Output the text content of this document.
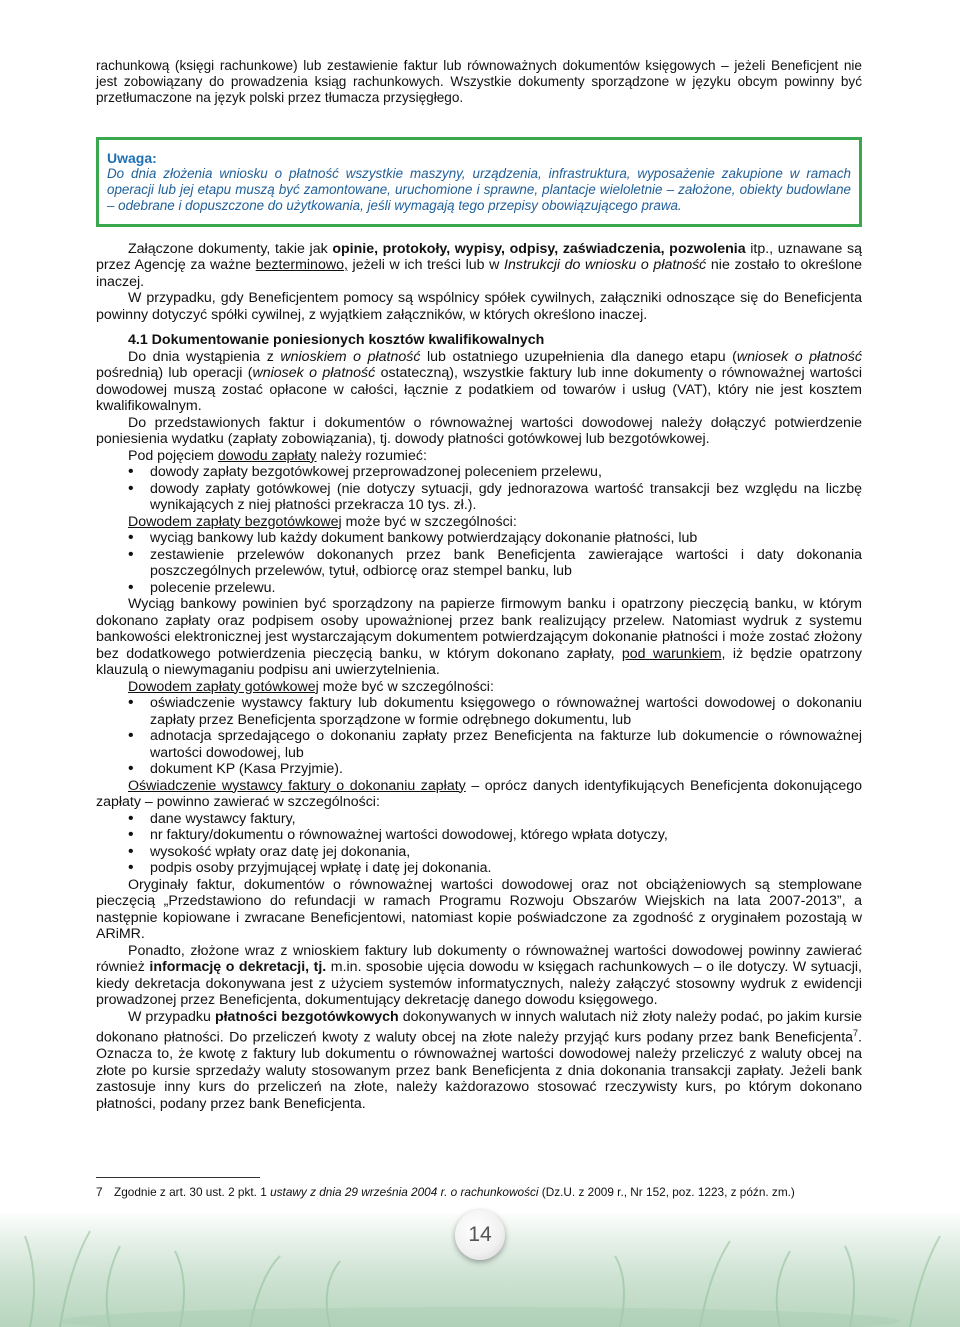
rachunkową (księgi rachunkowe) lub zestawienie faktur lub równoważnych dokumentów księgowych – jeżeli Beneficjent nie jest zobowiązany do prowadzenia ksiąg rachunkowych. Wszystkie dokumenty sporządzone w języku obcym powinny być przetłumaczone na język polski przez tłumacza przysięgłego.

Uwaga:
Do dnia złożenia wniosku o płatność wszystkie maszyny, urządzenia, infrastruktura, wyposażenie zakupione w ramach operacji lub jej etapu muszą być zamontowane, uruchomione i sprawne, plantacje wieloletnie – założone, obiekty budowlane – odebrane i dopuszczone do użytkowania, jeśli wymagają tego przepisy obowiązującego prawa.

Załączone dokumenty, takie jak opinie, protokoły, wypisy, odpisy, zaświadczenia, pozwolenia itp., uznawane są przez Agencję za ważne bezterminowo, jeżeli w ich treści lub w Instrukcji do wniosku o płatność nie zostało to określone inaczej.

W przypadku, gdy Beneficjentem pomocy są wspólnicy spółek cywilnych, załączniki odnoszące się do Beneficjenta powinny dotyczyć spółki cywilnej, z wyjątkiem załączników, w których określono inaczej.

4.1 Dokumentowanie poniesionych kosztów kwalifikowalnych

Do dnia wystąpienia z wnioskiem o płatność lub ostatniego uzupełnienia dla danego etapu (wniosek o płatność pośrednią) lub operacji (wniosek o płatność ostateczną), wszystkie faktury lub inne dokumenty o równoważnej wartości dowodowej muszą zostać opłacone w całości, łącznie z podatkiem od towarów i usług (VAT), który nie jest kosztem kwalifikowalnym.

Do przedstawionych faktur i dokumentów o równoważnej wartości dowodowej należy dołączyć potwierdzenie poniesienia wydatku (zapłaty zobowiązania), tj. dowody płatności gotówkowej lub bezgotówkowej.

Pod pojęciem dowodu zapłaty należy rozumieć:

• dowody zapłaty bezgotówkowej przeprowadzonej poleceniem przelewu,
• dowody zapłaty gotówkowej (nie dotyczy sytuacji, gdy jednorazowa wartość transakcji bez względu na liczbę wynikających z niej płatności przekracza 10 tys. zł.).

Dowodem zapłaty bezgotówkowej może być w szczególności:

• wyciąg bankowy lub każdy dokument bankowy potwierdzający dokonanie płatności, lub
• zestawienie przelewów dokonanych przez bank Beneficjenta zawierające wartości i daty dokonania poszczególnych przelewów, tytuł, odbiorcę oraz stempel banku, lub
• polecenie przelewu.

Wyciąg bankowy powinien być sporządzony na papierze firmowym banku i opatrzony pieczęcią banku, w którym dokonano zapłaty oraz podpisem osoby upoważnionej przez bank realizujący przelew. Natomiast wydruk z systemu bankowości elektronicznej jest wystarczającym dokumentem potwierdzającym dokonanie płatności i może zostać złożony bez dodatkowego potwierdzenia pieczęcią banku, w którym dokonano zapłaty, pod warunkiem, iż będzie opatrzony klauzulą o niewymaganiu podpisu ani uwierzytelnienia.

Dowodem zapłaty gotówkowej może być w szczególności:

• oświadczenie wystawcy faktury lub dokumentu księgowego o równoważnej wartości dowodowej o dokonaniu zapłaty przez Beneficjenta sporządzone w formie odrębnego dokumentu, lub
• adnotacja sprzedającego o dokonaniu zapłaty przez Beneficjenta na fakturze lub dokumencie o równoważnej wartości dowodowej, lub
• dokument KP (Kasa Przyjmie).

Oświadczenie wystawcy faktury o dokonaniu zapłaty – oprócz danych identyfikujących Beneficjenta dokonującego zapłaty – powinno zawierać w szczególności:

• dane wystawcy faktury,
• nr faktury/dokumentu o równoważnej wartości dowodowej, którego wpłata dotyczy,
• wysokość wpłaty oraz datę jej dokonania,
• podpis osoby przyjmującej wpłatę i datę jej dokonania.

Oryginały faktur, dokumentów o równoważnej wartości dowodowej oraz not obciążeniowych są stemplowane pieczęcią „Przedstawiono do refundacji w ramach Programu Rozwoju Obszarów Wiejskich na lata 2007-2013”, a następnie kopiowane i zwracane Beneficjentowi, natomiast kopie poświadczone za zgodność z oryginałem pozostają w ARiMR.

Ponadto, złożone wraz z wnioskiem faktury lub dokumenty o równoważnej wartości dowodowej powinny zawierać również informację o dekretacji, tj. m.in. sposobie ujęcia dowodu w księgach rachunkowych – o ile dotyczy. W sytuacji, kiedy dekretacja dokonywana jest z użyciem systemów informatycznych, należy załączyć stosowny wydruk z ewidencji prowadzonej przez Beneficjenta, dokumentujący dekretację danego dowodu księgowego.

W przypadku płatności bezgotówkowych dokonywanych w innych walutach niż złoty należy podać, po jakim kursie dokonano płatności. Do przeliczeń kwoty z waluty obcej na złote należy przyjąć kurs podany przez bank Beneficjenta$^7$. Oznacza to, że kwotę z faktury lub dokumentu o równoważnej wartości dowodowej należy przeliczyć z waluty obcej na złote po kursie sprzedaży waluty stosowanym przez bank Beneficjenta z dnia dokonania transakcji zapłaty. Jeżeli bank zastosuje inny kurs do przeliczeń na złote, należy każdorazowo stosować rzeczywisty kurs, po którym dokonano płatności, podany przez bank Beneficjenta.

7 Zgodnie z art. 30 ust. 2 pkt. 1 ustawy z dnia 29 września 2004 r. o rachunkowości (Dz.U. z 2009 r., Nr 152, poz. 1223, z późn. zm.)
14
